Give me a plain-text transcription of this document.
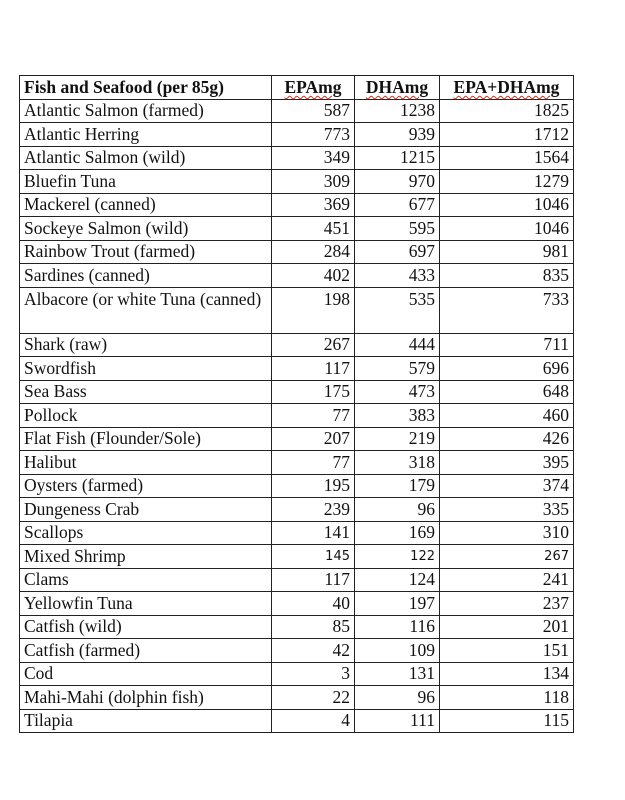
Fish and Seafood (per 85g)	EPAmg	DHAmg	EPA+DHAmg
Atlantic Salmon (farmed)	587	1238	1825
Atlantic Herring	773	939	1712
Atlantic Salmon (wild)	349	1215	1564
Bluefin Tuna	309	970	1279
Mackerel (canned)	369	677	1046
Sockeye Salmon (wild)	451	595	1046
Rainbow Trout (farmed)	284	697	981
Sardines (canned)	402	433	835
Albacore (or white Tuna (canned)	198	535	733
Shark (raw)	267	444	711
Swordfish	117	579	696
Sea Bass	175	473	648
Pollock	77	383	460
Flat Fish (Flounder/Sole)	207	219	426
Halibut	77	318	395
Oysters (farmed)	195	179	374
Dungeness Crab	239	96	335
Scallops	141	169	310
Mixed Shrimp	145	122	267
Clams	117	124	241
Yellowfin Tuna	40	197	237
Catfish (wild)	85	116	201
Catfish (farmed)	42	109	151
Cod	3	131	134
Mahi-Mahi (dolphin fish)	22	96	118
Tilapia	4	111	115
